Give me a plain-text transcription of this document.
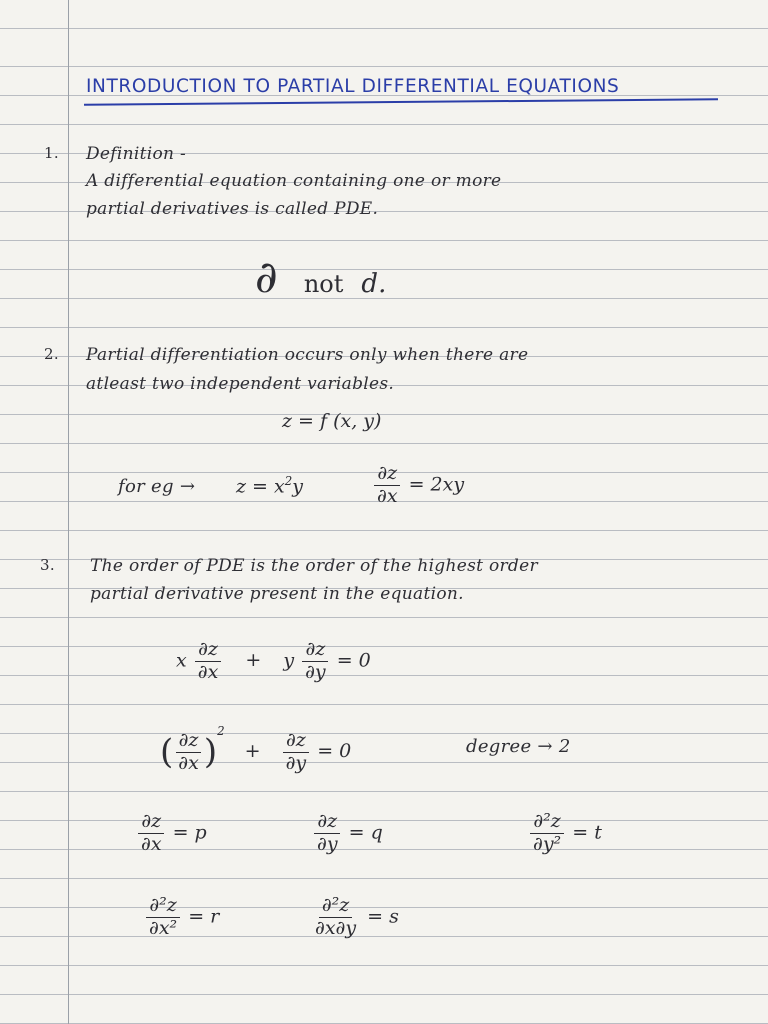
INTRODUCTION TO PARTIAL DIFFERENTIAL EQUATIONS
1. Definition -
A differential equation containing one or more
partial derivatives is called PDE.
∂ not d.
2. Partial differentiation occurs only when there are
atleast two independent variables.
z = f (x, y)
for eg → $z = x^2y$	$\frac{\partial z}{\partial x} = 2xy$
3. The order of PDE is the order of the highest order
partial derivative present in the equation.
x $\frac{\partial z}{\partial x} + y \frac{\partial z}{\partial y} = 0$
( $\frac{\partial z}{\partial x} )^2 + \frac{\partial z}{\partial y} = 0$	degree → 2
$\frac{\partial z}{\partial x} = p$	$\frac{\partial z}{\partial y} = q$	$\frac{\text{∂²z}}{\text{∂y²}} = t$
$\frac{\text{∂²z}}{\text{∂x²}} = r$	$\frac{\text{∂²z}}{\partial x\partial y} = s$
